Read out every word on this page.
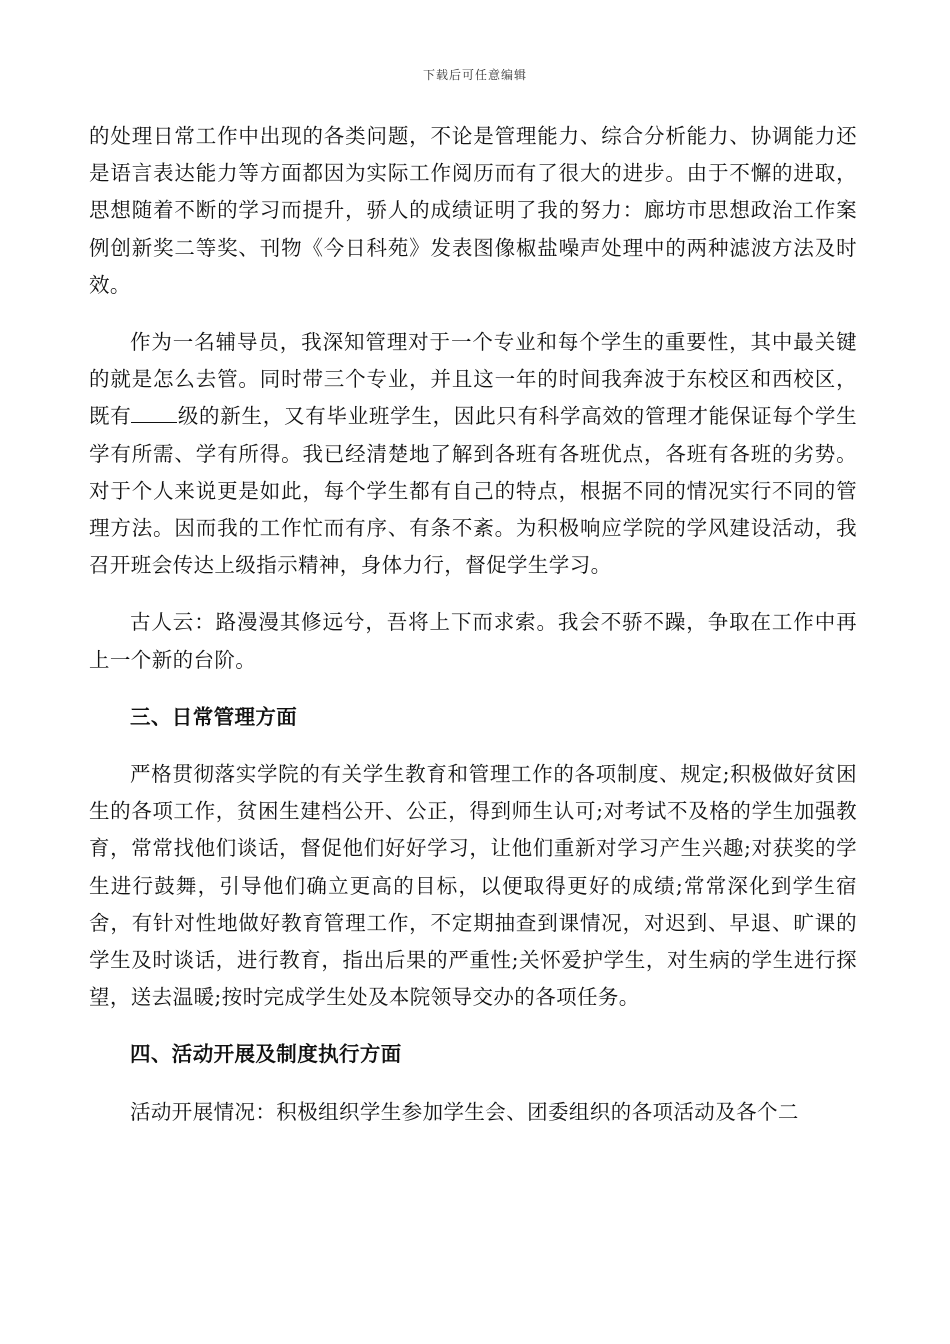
下载后可任意编辑

的处理日常工作中出现的各类问题，不论是管理能力、综合分析能力、协调能力还是语言表达能力等方面都因为实际工作阅历而有了很大的进步。由于不懈的进取，思想随着不断的学习而提升，骄人的成绩证明了我的努力：廊坊市思想政治工作案例创新奖二等奖、刊物《今日科苑》发表图像椒盐噪声处理中的两种滤波方法及时效。

作为一名辅导员，我深知管理对于一个专业和每个学生的重要性，其中最关键的就是怎么去管。同时带三个专业，并且这一年的时间我奔波于东校区和西校区，既有 级的新生，又有毕业班学生，因此只有科学高效的管理才能保证每个学生学有所需、学有所得。我已经清楚地了解到各班有各班优点，各班有各班的劣势。对于个人来说更是如此，每个学生都有自己的特点，根据不同的情况实行不同的管理方法。因而我的工作忙而有序、有条不紊。为积极响应学院的学风建设活动，我召开班会传达上级指示精神，身体力行，督促学生学习。

古人云：路漫漫其修远兮，吾将上下而求索。我会不骄不躁，争取在工作中再上一个新的台阶。

三、日常管理方面

严格贯彻落实学院的有关学生教育和管理工作的各项制度、规定;积极做好贫困生的各项工作，贫困生建档公开、公正，得到师生认可;对考试不及格的学生加强教育，常常找他们谈话，督促他们好好学习，让他们重新对学习产生兴趣;对获奖的学生进行鼓舞，引导他们确立更高的目标，以便取得更好的成绩;常常深化到学生宿舍，有针对性地做好教育管理工作，不定期抽查到课情况，对迟到、早退、旷课的学生及时谈话，进行教育，指出后果的严重性;关怀爱护学生，对生病的学生进行探望，送去温暖;按时完成学生处及本院领导交办的各项任务。

四、活动开展及制度执行方面

活动开展情况：积极组织学生参加学生会、团委组织的各项活动及各个二
